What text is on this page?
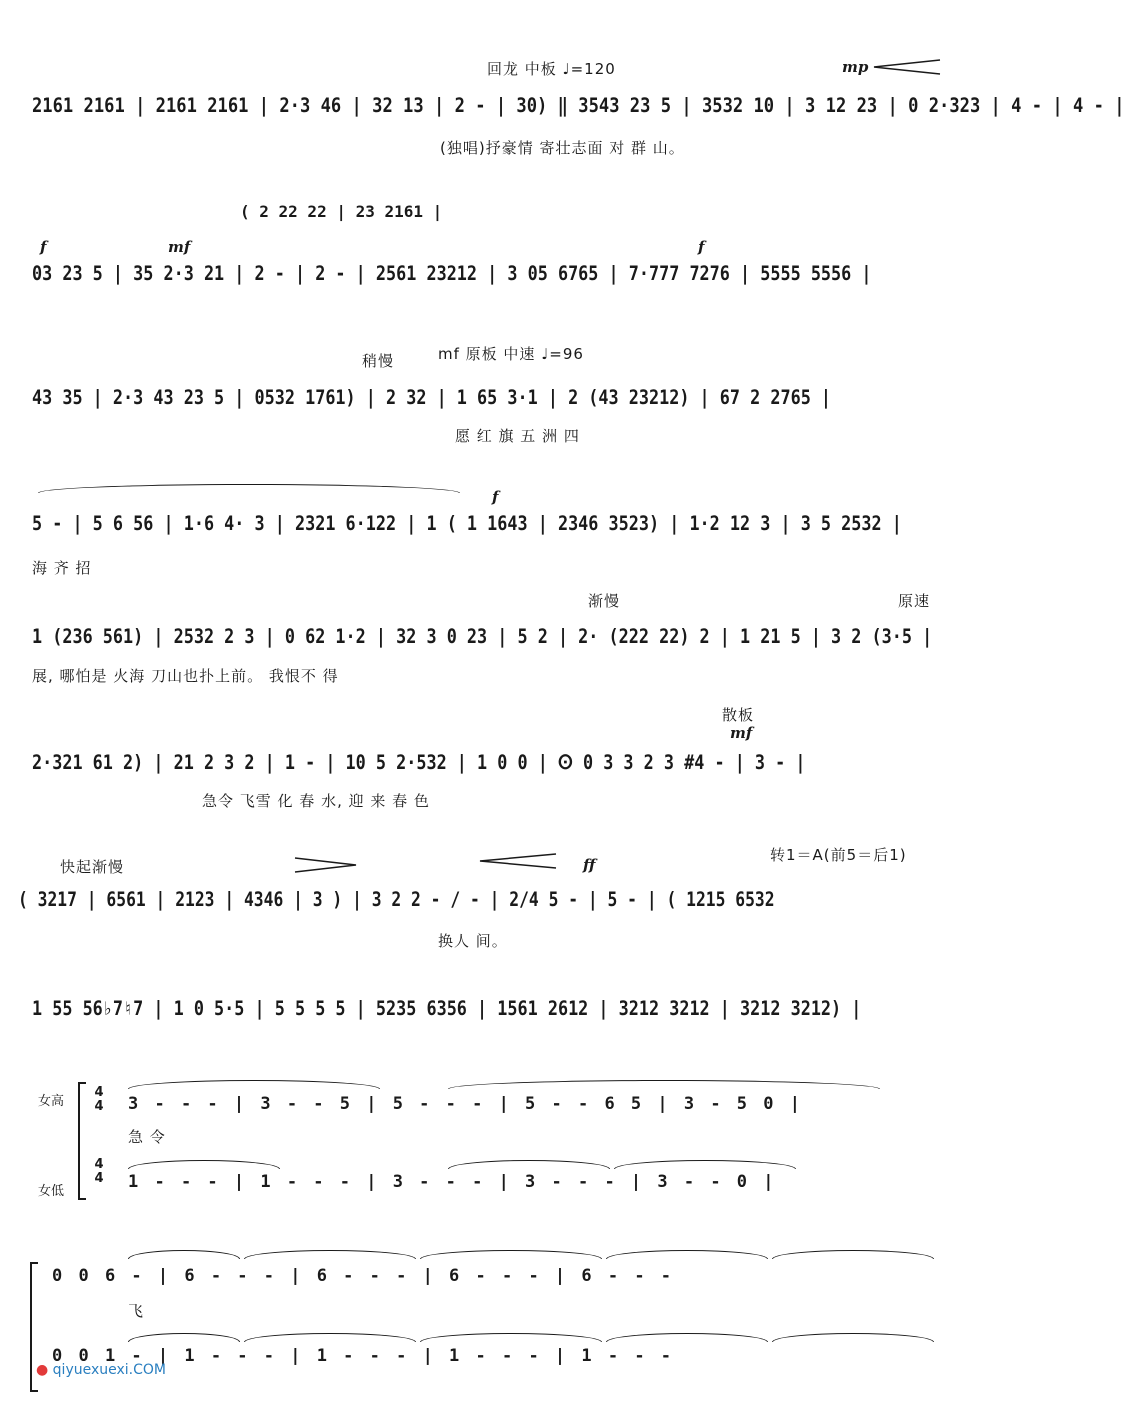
回龙 中板 ♩=120	mp
2161 2161 | 2161 2161 | 2·3 46 | 32 13 | 2 - | 30) ‖ 3543 23 5 | 3532 10 | 3 12 23 | 0 2·323 | 4 - | 4 - |
(独唱)抒豪情 寄壮志面 对 群 山。
( 2 22 22 | 23 2161 |
f	mf	f
03 23 5 | 35 2·3 21 | 2 - | 2 - | 2561 23212 | 3 05 6765 | 7·777 7276 | 5555 5556 |
稍慢	mf 原板 中速 ♩=96
43 35 | 2·3 43 23 5 | 0532 1761) | 2 32 | 1 65 3·1 | 2 (43 23212) | 67 2 2765 |
愿 红 旗 五 洲 四
f
5 - | 5 6 56 | 1·6 4· 3 | 2321 6·122 | 1 ( 1 1643 | 2346 3523) | 1·2 12 3 | 3 5 2532 |
海 齐 招
渐慢	原速
1 (236 561) | 2532 2 3 | 0 62 1·2 | 32 3 0 23 | 5 2 | 2· (222 22) 2 | 1 21 5 | 3 2 (3·5 |
展, 哪怕是 火海 刀山也扑上前。 我恨不 得
散板
mf
2·321 61 2) | 21 2 3 2 | 1 - | 10 5 2·532 | 1 0 0 | ⵙ 0 3 3 2 3 #4 - | 3 - |
急令 飞雪 化 春 水, 迎 来 春 色
快起渐慢	ff
转1＝A(前5＝后1)
( 3217 | 6561 | 2123 | 4346 | 3 ) | 3 2 2 - / - | 2/4 5 - | 5 - | ( 1215 6532
换人 间。
1 55 56♭7♮7 | 1 0 5·5 | 5 5 5 5 | 5235 6356 | 1561 2612 | 3212 3212 | 3212 3212) |
女高
4
4 3 - - - | 3 - - 5 | 5 - - - | 5 - - 6 5 | 3 - 5 0 |
急 令
女低
4
4 1 - - - | 1 - - - | 3 - - - | 3 - - - | 3 - - 0 |
0 0 6 - | 6 - - - | 6 - - - | 6 - - - | 6 - - -
飞
0 0 1 - | 1 - - - | 1 - - - | 1 - - - | 1 - - -
● qiyuexuexi.COM
